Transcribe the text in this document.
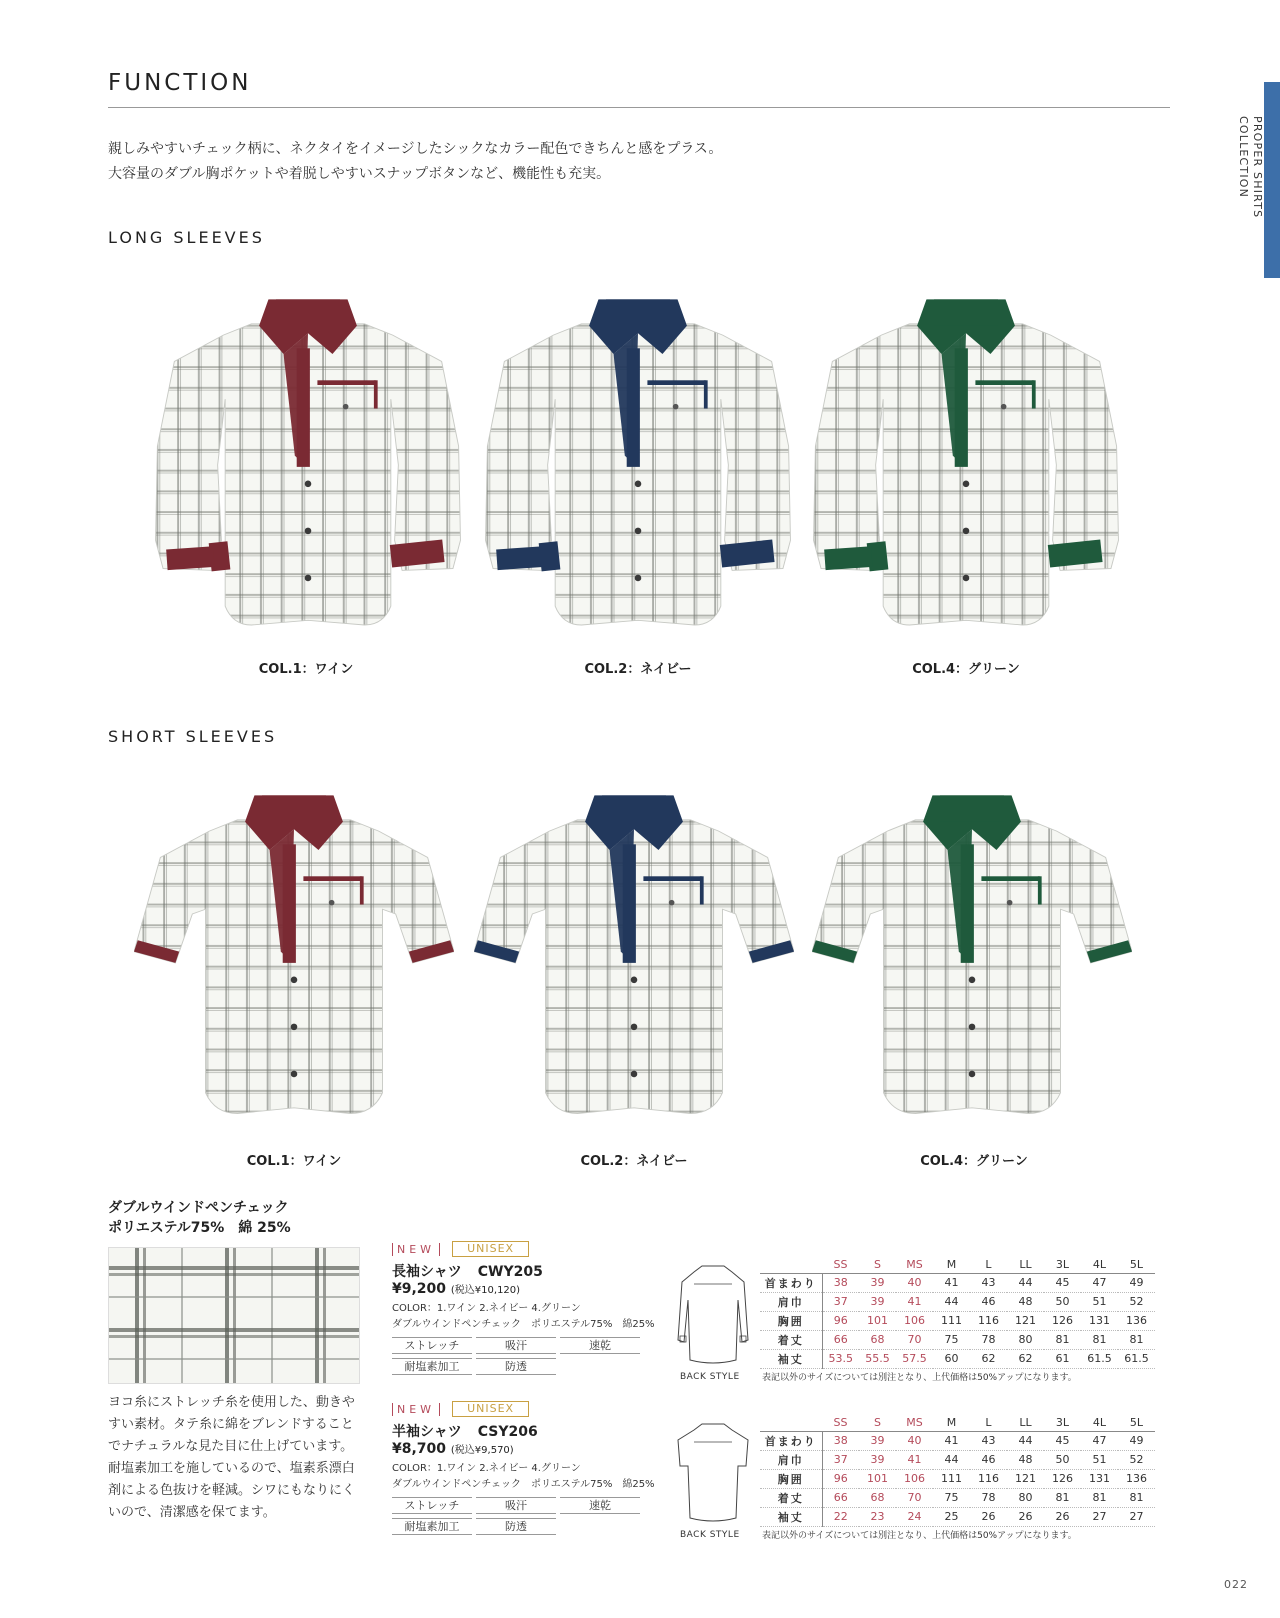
FUNCTION
親しみやすいチェック柄に、ネクタイをイメージしたシックなカラー配色できちんと感をプラス。
大容量のダブル胸ポケットや着脱しやすいスナップボタンなど、機能性も充実。	PROPER SHIRTS
COLLECTION
LONG SLEEVES
COL.1：ワイン	COL.2：ネイビー	COL.4：グリーン
SHORT SLEEVES
COL.1：ワイン	COL.2：ネイビー	COL.4：グリーン
ダブルウインドペンチェック
ポリエステル75%　綿 25%
ヨコ糸にストレッチ糸を使用した、動きやすい素材。タテ糸に綿をブレンドすることでナチュラルな見た目に仕上げています。耐塩素加工を施しているので、塩素系漂白剤による色抜けを軽減。シワにもなりにくいので、清潔感を保てます。
NEW	UNISEX
長袖シャツ CWY205
¥9,200 (税込¥10,120)
COLOR：1.ワイン 2.ネイビー 4.グリーン
ダブルウインドペンチェック　ポリエステル75%　綿25%
ストレッチ	吸汗	速乾
耐塩素加工	防透
BACK STYLE
	SS	S	MS	M	L	LL	3L	4L	5L
首まわり	38	39	40	41	43	44	45	47	49
肩巾	37	39	41	44	46	48	50	51	52
胸囲	96	101	106	111	116	121	126	131	136
着丈	66	68	70	75	78	80	81	81	81
袖丈	53.5	55.5	57.5	60	62	62	61	61.5	61.5
表記以外のサイズについては別注となり、上代価格は50%アップになります。
NEW	UNISEX
半袖シャツ CSY206
¥8,700 (税込¥9,570)
COLOR：1.ワイン 2.ネイビー 4.グリーン
ダブルウインドペンチェック　ポリエステル75%　綿25%
ストレッチ	吸汗	速乾
耐塩素加工	防透
BACK STYLE
	SS	S	MS	M	L	LL	3L	4L	5L
首まわり	38	39	40	41	43	44	45	47	49
肩巾	37	39	41	44	46	48	50	51	52
胸囲	96	101	106	111	116	121	126	131	136
着丈	66	68	70	75	78	80	81	81	81
袖丈	22	23	24	25	26	26	26	27	27
表記以外のサイズについては別注となり、上代価格は50%アップになります。
022
